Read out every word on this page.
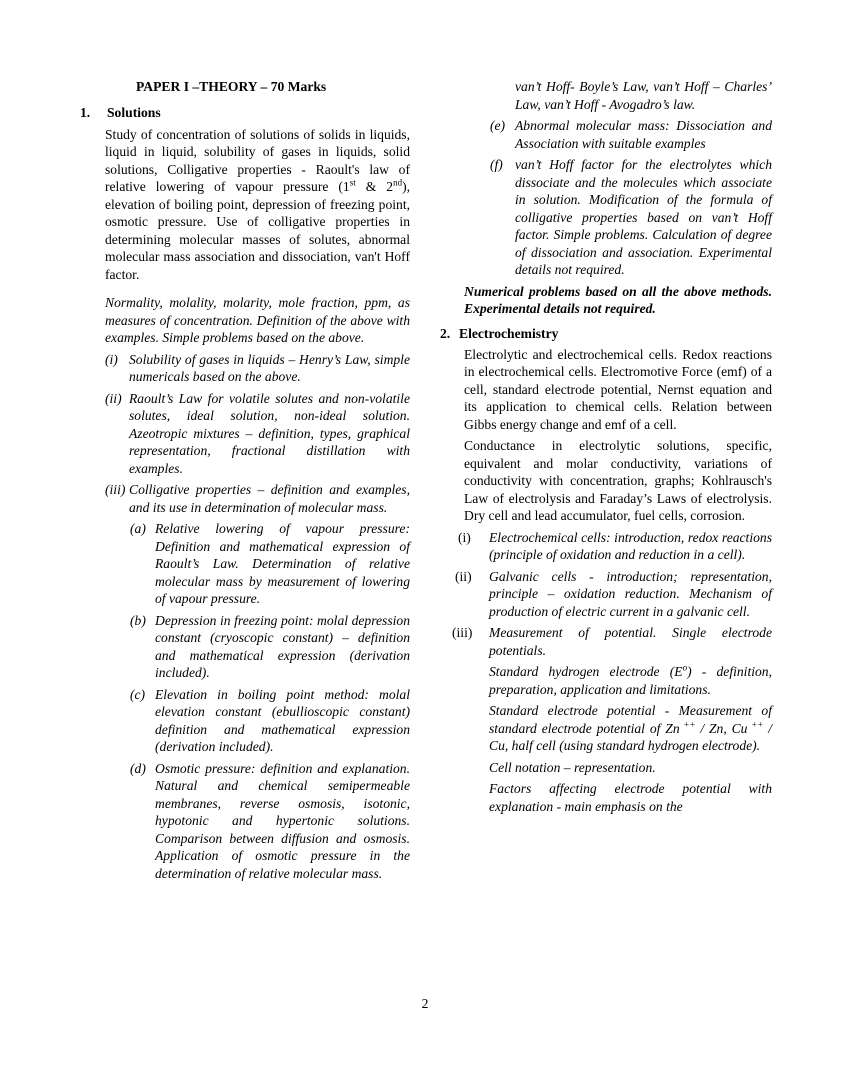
PAPER I –THEORY – 70 Marks

1. Solutions

Study of concentration of solutions of solids in liquids, liquid in liquid, solubility of gases in liquids, solid solutions, Colligative properties - Raoult's law of relative lowering of vapour pressure (1st & 2nd), elevation of boiling point, depression of freezing point, osmotic pressure. Use of colligative properties in determining molecular masses of solutes, abnormal molecular mass association and dissociation, van't Hoff factor.

Normality, molality, molarity, mole fraction, ppm, as measures of concentration. Definition of the above with examples. Simple problems based on the above.

(i) Solubility of gases in liquids – Henry’s Law, simple numericals based on the above.

(ii) Raoult’s Law for volatile solutes and non-volatile solutes, ideal solution, non-ideal solution. Azeotropic mixtures – definition, types, graphical representation, fractional distillation with examples.

(iii) Colligative properties – definition and examples, and its use in determination of molecular mass.

(a) Relative lowering of vapour pressure: Definition and mathematical expression of Raoult’s Law. Determination of relative molecular mass by measurement of lowering of vapour pressure.

(b) Depression in freezing point: molal depression constant (cryoscopic constant) – definition and mathematical expression (derivation included).

(c) Elevation in boiling point method: molal elevation constant (ebullioscopic constant) definition and mathematical expression (derivation included).

(d) Osmotic pressure: definition and explanation. Natural and chemical semipermeable membranes, reverse osmosis, isotonic, hypotonic and hypertonic solutions. Comparison between diffusion and osmosis. Application of osmotic pressure in the determination of relative molecular mass.

van’t Hoff- Boyle’s Law, van’t Hoff – Charles’ Law, van’t Hoff - Avogadro’s law.

(e) Abnormal molecular mass: Dissociation and Association with suitable examples

(f) van’t Hoff factor for the electrolytes which dissociate and the molecules which associate in solution. Modification of the formula of colligative properties based on van’t Hoff factor. Simple problems. Calculation of degree of dissociation and association. Experimental details not required.

Numerical problems based on all the above methods. Experimental details not required.

2. Electrochemistry

Electrolytic and electrochemical cells. Redox reactions in electrochemical cells. Electromotive Force (emf) of a cell, standard electrode potential, Nernst equation and its application to chemical cells. Relation between Gibbs energy change and emf of a cell.

Conductance in electrolytic solutions, specific, equivalent and molar conductivity, variations of conductivity with concentration, graphs; Kohlrausch's Law of electrolysis and Faraday’s Laws of electrolysis. Dry cell and lead accumulator, fuel cells, corrosion.

(i) Electrochemical cells: introduction, redox reactions (principle of oxidation and reduction in a cell).

(ii) Galvanic cells - introduction; representation, principle – oxidation reduction. Mechanism of production of electric current in a galvanic cell.

(iii) Measurement of potential. Single electrode potentials.

Standard hydrogen electrode $(E^o)$ - definition, preparation, application and limitations.

Standard electrode potential - Measurement of standard electrode potential of Zn ++ / Zn, Cu ++ / Cu, half cell (using standard hydrogen electrode).

Cell notation – representation.

Factors affecting electrode potential with explanation - main emphasis on the

2
